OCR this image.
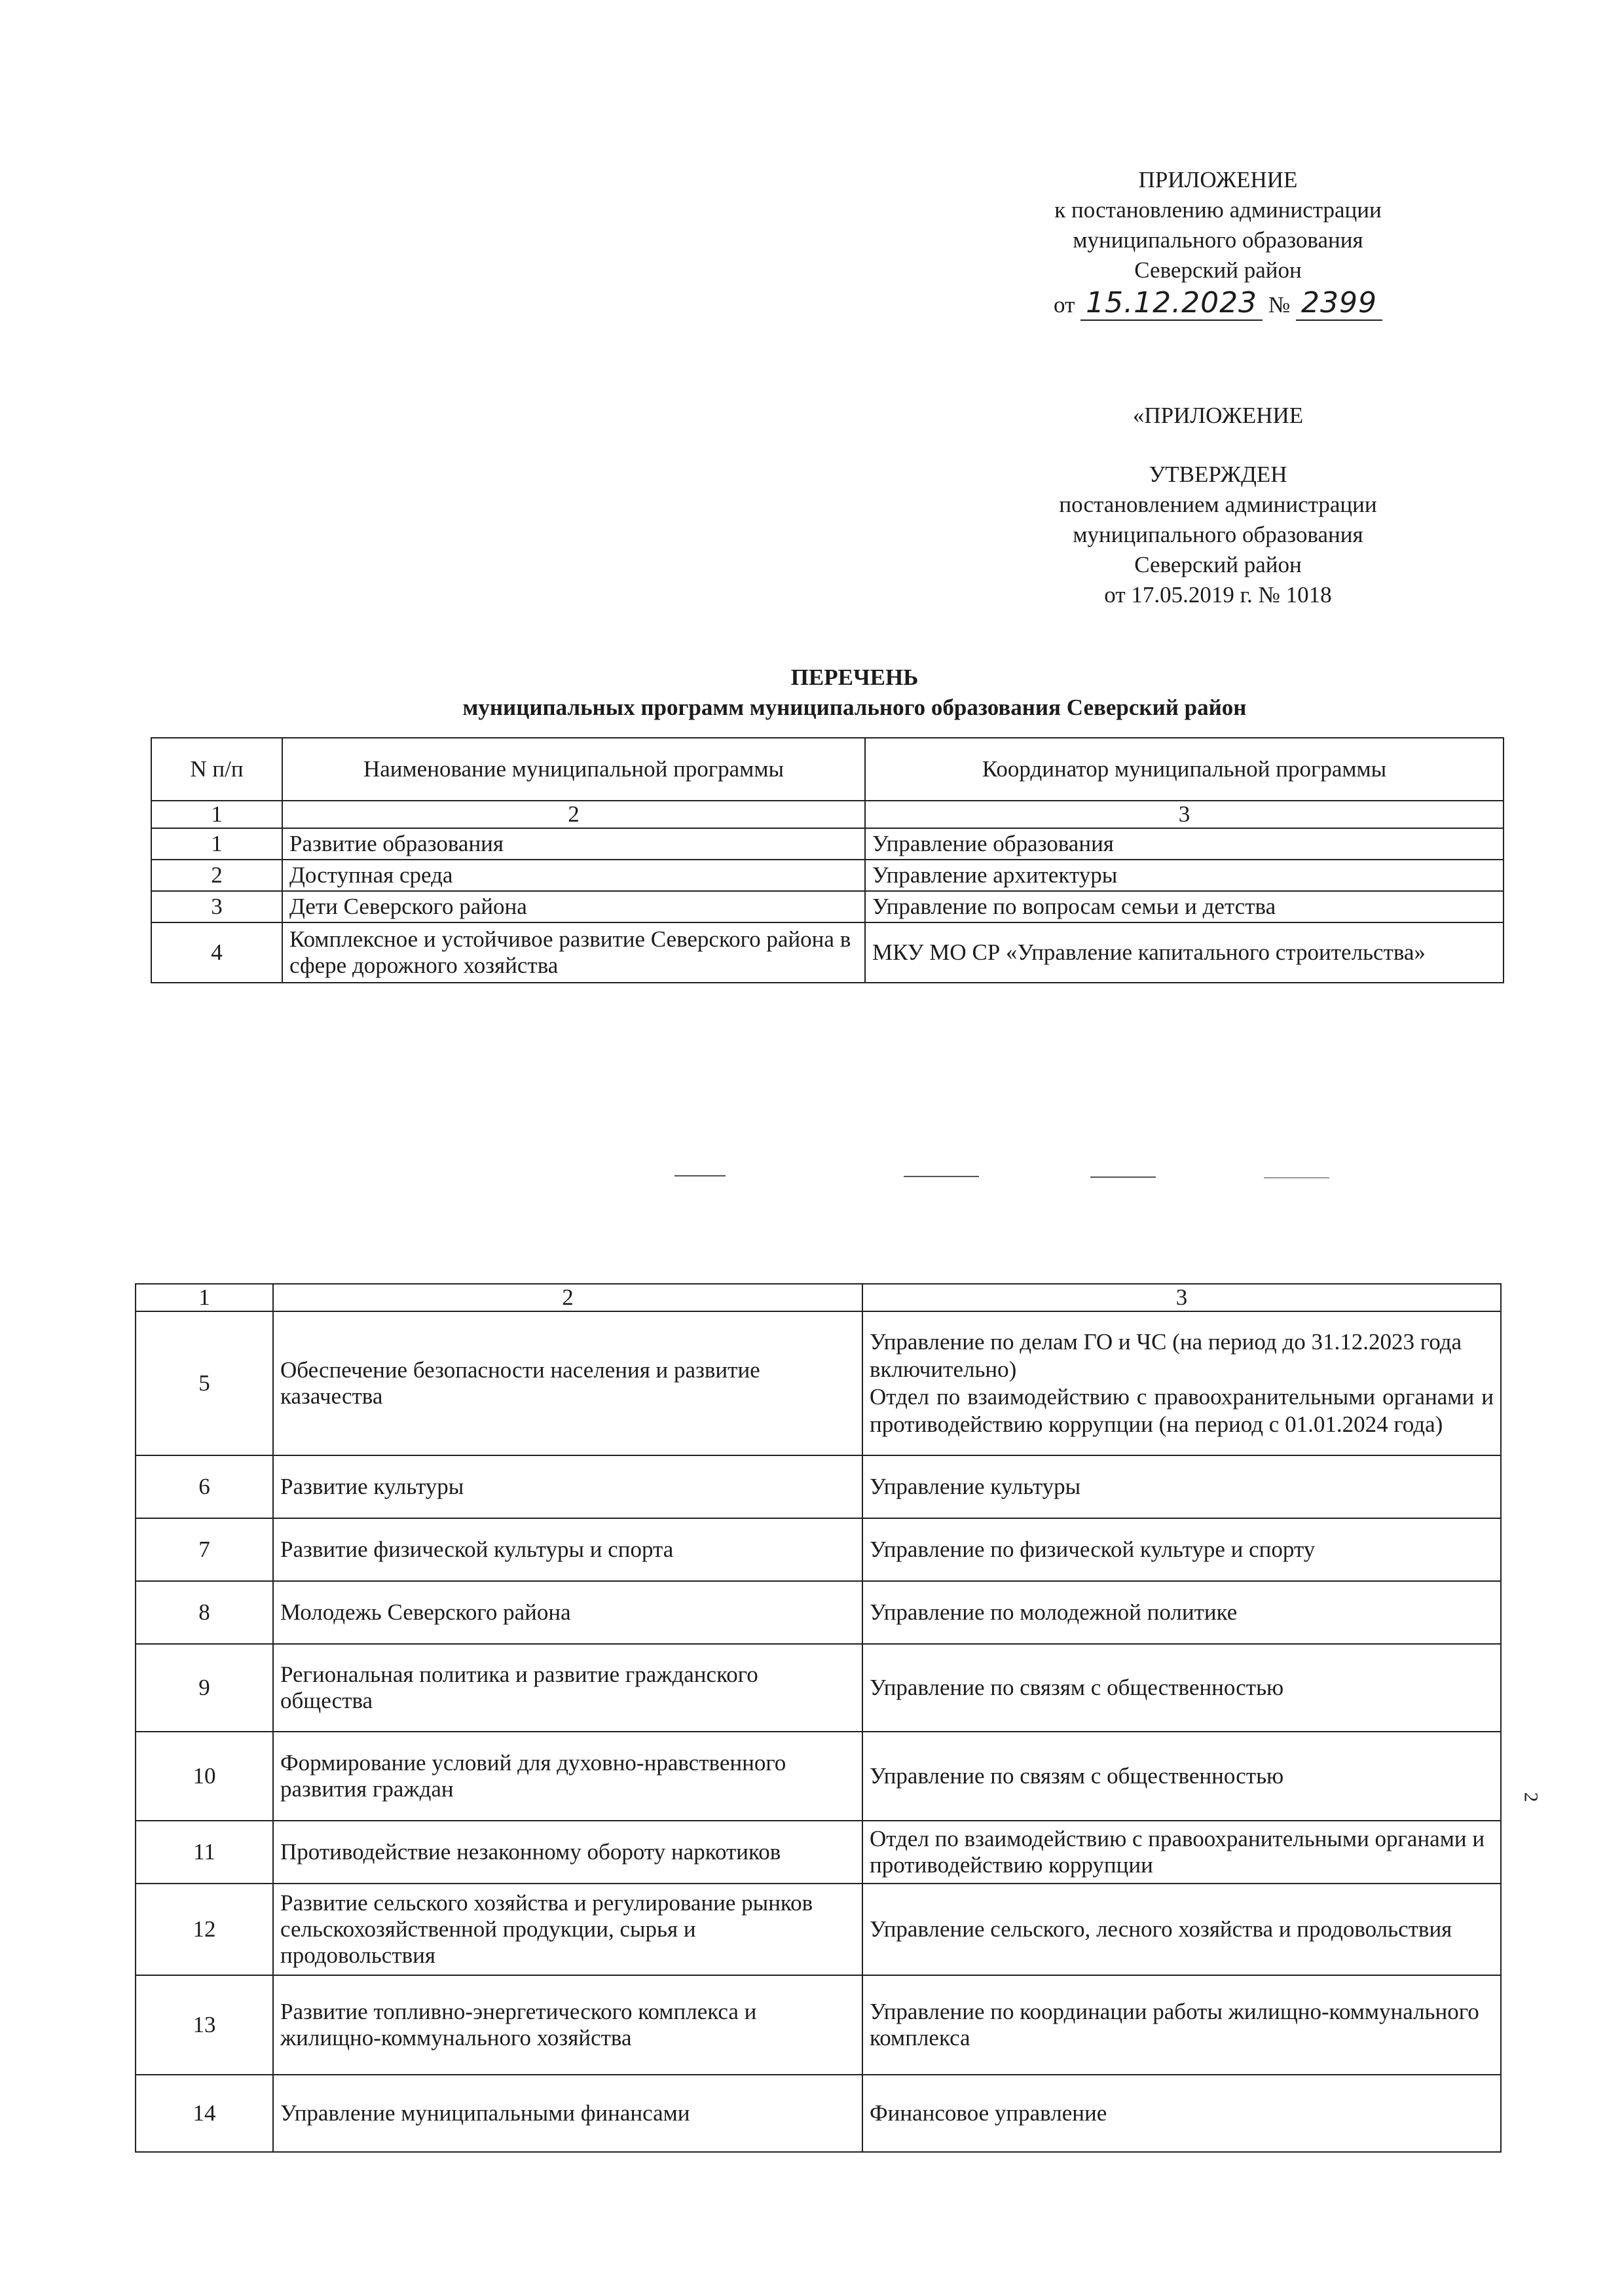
ПРИЛОЖЕНИЕ
к постановлению администрации
муниципального образования
Северский район
от 15.12.2023 № 2399
«ПРИЛОЖЕНИЕ
УТВЕРЖДЕН
постановлением администрации
муниципального образования
Северский район
от 17.05.2019 г. № 1018
ПЕРЕЧЕНЬ
муниципальных программ муниципального образования Северский район
N п/п	Наименование муниципальной программы	Координатор муниципальной программы
1	2	3
1	Развитие образования	Управление образования
2	Доступная среда	Управление архитектуры
3	Дети Северского района	Управление по вопросам семьи и детства
4	Комплексное и устойчивое развитие Северского района в сфере дорожного хозяйства	МКУ МО СР «Управление капитального строительства»
1	2	3
5	Обеспечение безопасности населения и развитие казачества	Управление по делам ГО и ЧС (на период до 31.12.2023 года включительно)
Отдел по взаимодействию с правоохранительными органами и противодействию коррупции (на период с 01.01.2024 года)

6	Развитие культуры	Управление культуры
7	Развитие физической культуры и спорта	Управление по физической культуре и спорту
8	Молодежь Северского района	Управление по молодежной политике
9	Региональная политика и развитие гражданского общества	Управление по связям с общественностью
10	Формирование условий для духовно-нравственного развития граждан	Управление по связям с общественностью
11	Противодействие незаконному обороту наркотиков	Отдел по взаимодействию с правоохранительными органами и противодействию коррупции
12	Развитие сельского хозяйства и регулирование рынков сельскохозяйственной продукции, сырья и продовольствия	Управление сельского, лесного хозяйства и продовольствия
13	Развитие топливно-энергетического комплекса и жилищно-коммунального хозяйства	Управление по координации работы жилищно-коммунального комплекса
14	Управление муниципальными финансами	Финансовое управление
2
